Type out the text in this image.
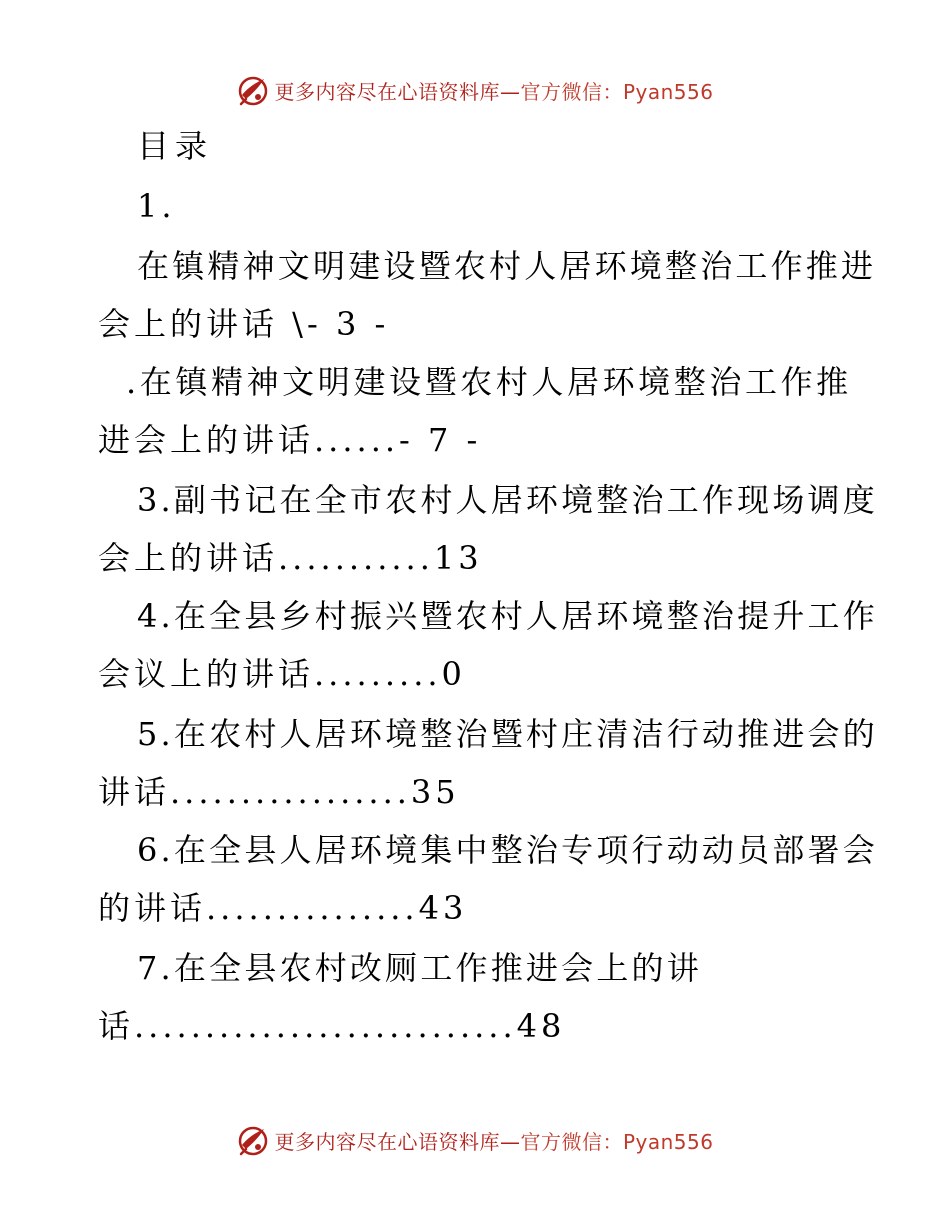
更多内容尽在心语资料库—官方微信：Pyan556
目录
1.
在镇精神文明建设暨农村人居环境整治工作推进
会上的讲话 \- 3 -
.在镇精神文明建设暨农村人居环境整治工作推
进会上的讲话......- 7 -
3.副书记在全市农村人居环境整治工作现场调度
会上的讲话...........13
4.在全县乡村振兴暨农村人居环境整治提升工作
会议上的讲话.........0
5.在农村人居环境整治暨村庄清洁行动推进会的
讲话.................35
6.在全县人居环境集中整治专项行动动员部署会
的讲话...............43
7.在全县农村改厕工作推进会上的讲
话...........................48
更多内容尽在心语资料库—官方微信：Pyan556
